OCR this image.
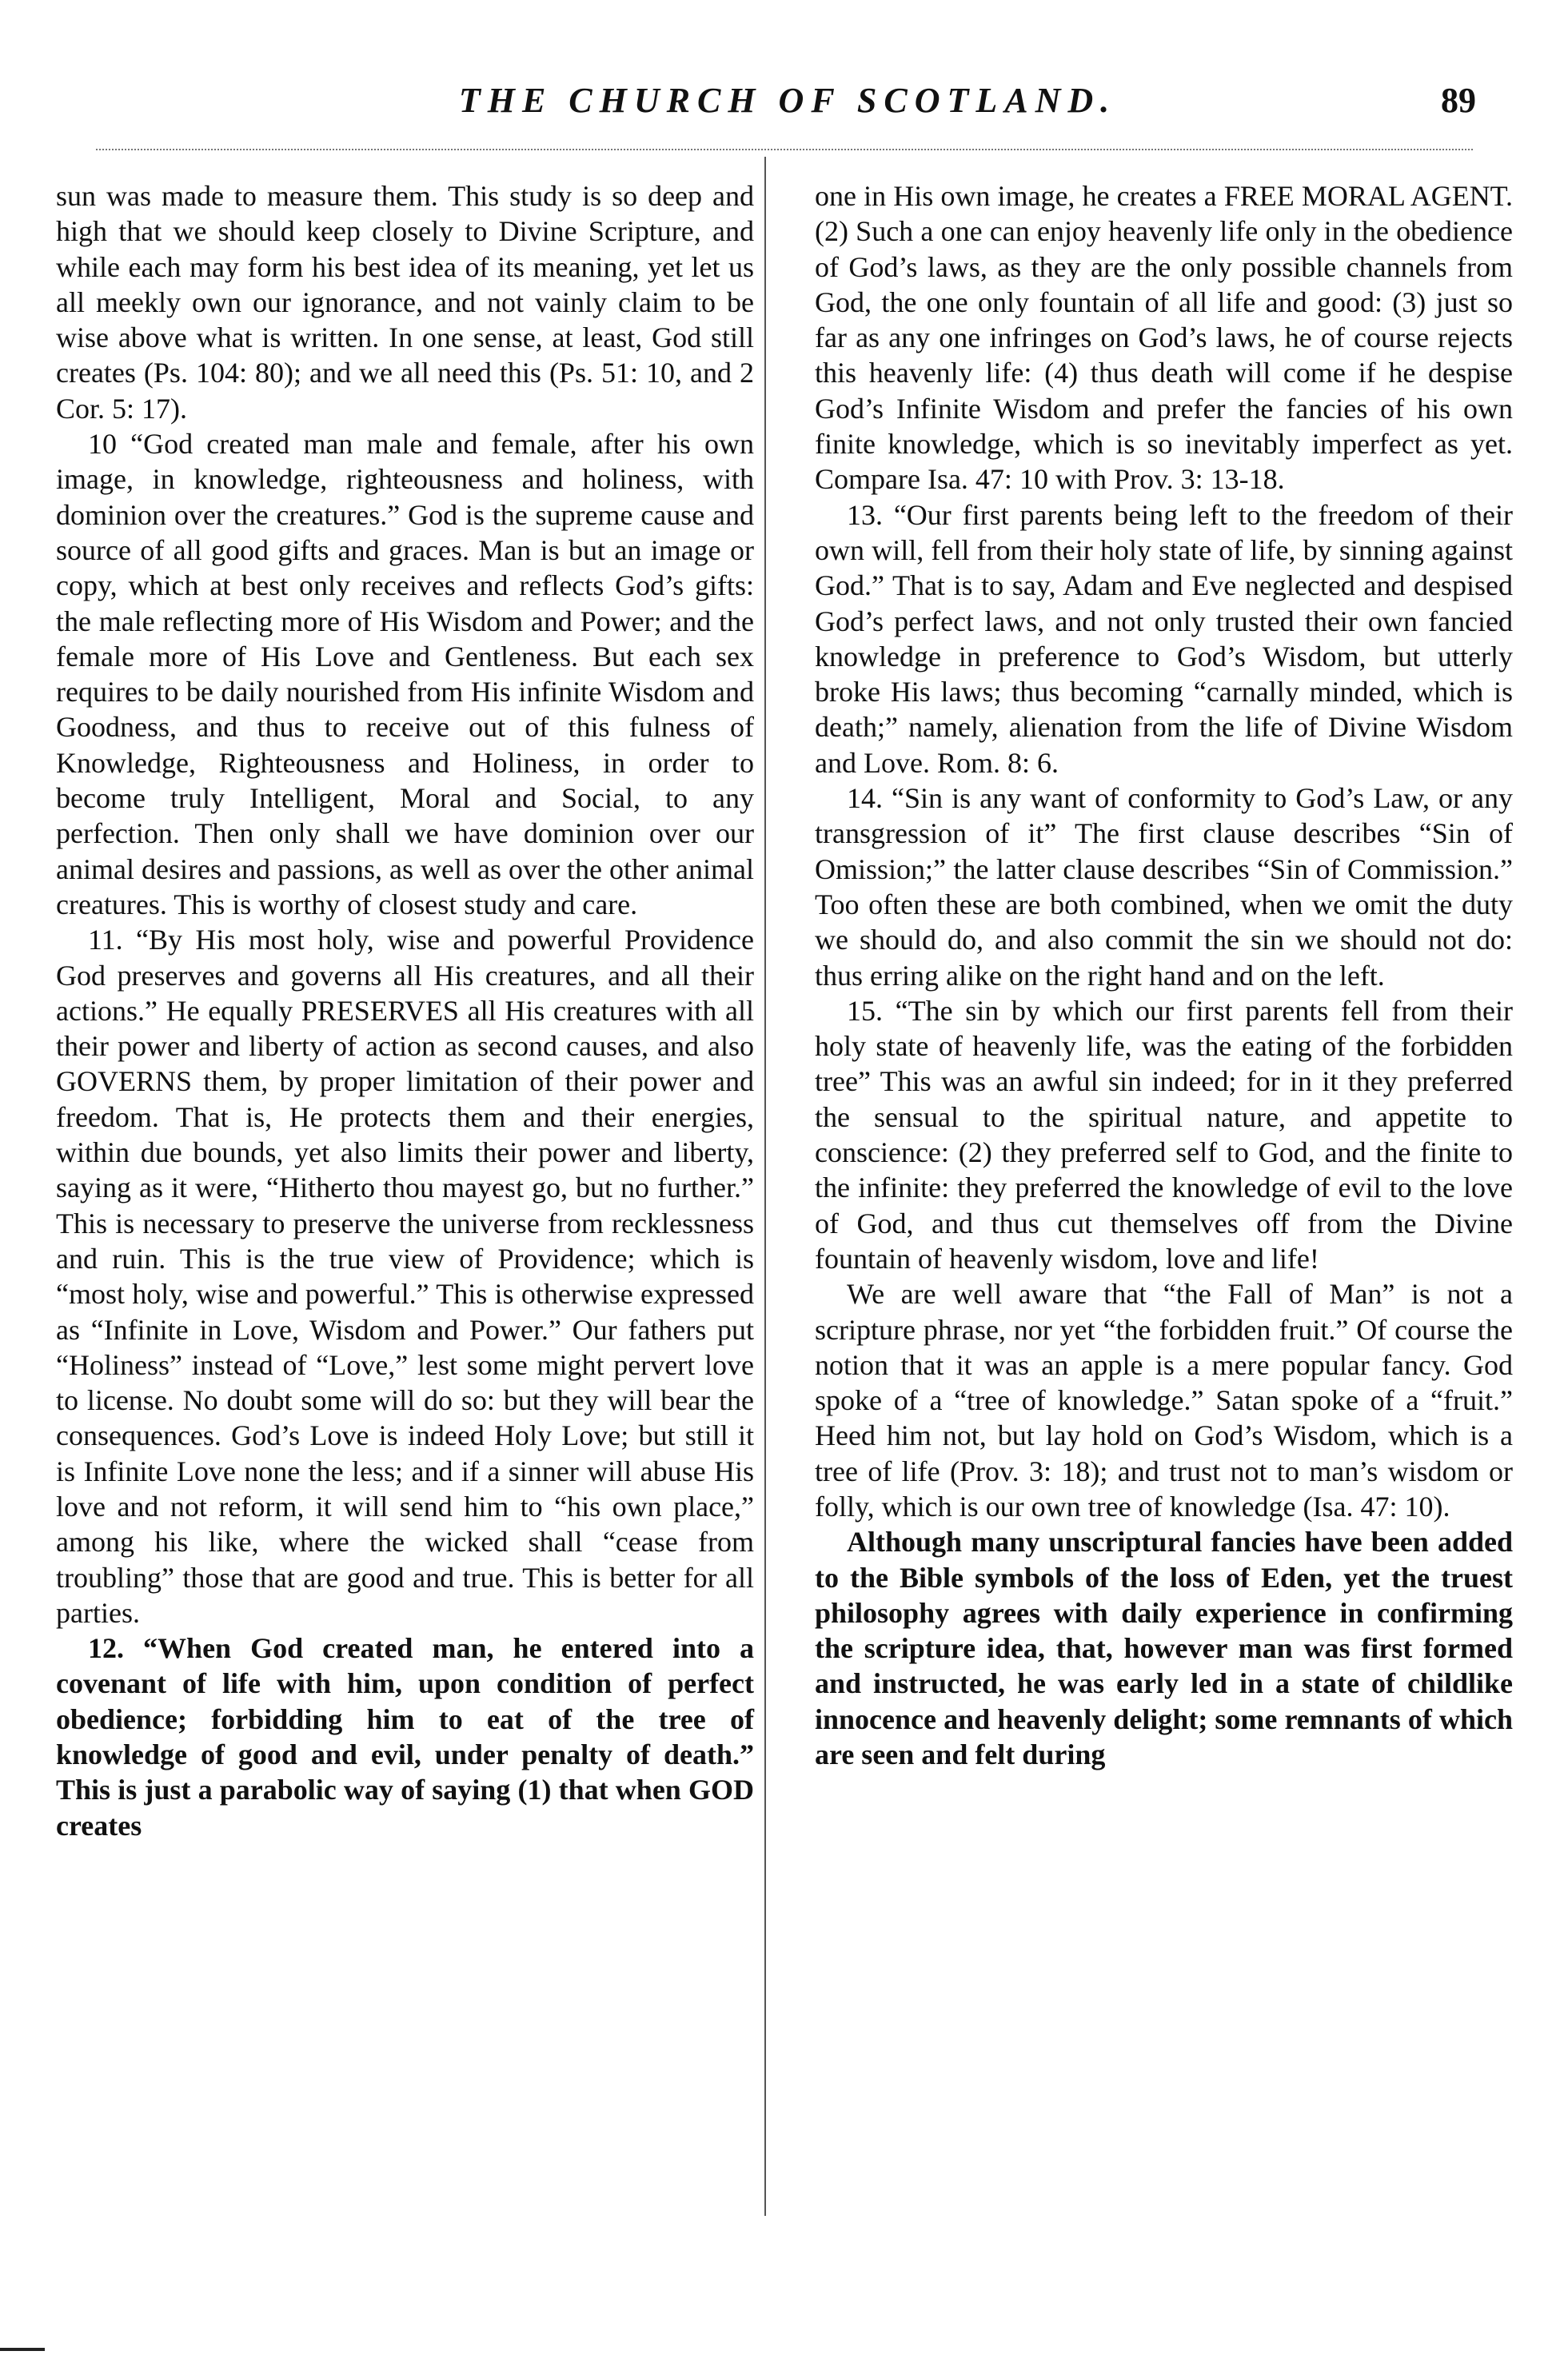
THE CHURCH OF SCOTLAND.	89

sun was made to measure them. This study is so deep and high that we should keep closely to Divine Scripture, and while each may form his best idea of its meaning, yet let us all meekly own our ignorance, and not vainly claim to be wise above what is written. In one sense, at least, God still creates (Ps. 104: 80); and we all need this (Ps. 51: 10, and 2 Cor. 5: 17).

10 “God created man male and female, after his own image, in knowledge, righteousness and holiness, with dominion over the creatures.” God is the supreme cause and source of all good gifts and graces. Man is but an image or copy, which at best only receives and reflects God’s gifts: the male reflecting more of His Wisdom and Power; and the female more of His Love and Gentleness. But each sex requires to be daily nourished from His infinite Wisdom and Goodness, and thus to receive out of this fulness of Knowledge, Righteousness and Holiness, in order to become truly Intelligent, Moral and Social, to any perfection. Then only shall we have dominion over our animal desires and passions, as well as over the other animal creatures. This is worthy of closest study and care.

11. “By His most holy, wise and powerful Providence God preserves and governs all His creatures, and all their actions.” He equally PRESERVES all His creatures with all their power and liberty of action as second causes, and also GOVERNS them, by proper limitation of their power and freedom. That is, He protects them and their energies, within due bounds, yet also limits their power and liberty, saying as it were, “Hitherto thou mayest go, but no further.” This is necessary to preserve the universe from recklessness and ruin. This is the true view of Providence; which is “most holy, wise and powerful.” This is otherwise expressed as “Infinite in Love, Wisdom and Power.” Our fathers put “Holiness” instead of “Love,” lest some might pervert love to license. No doubt some will do so: but they will bear the consequences. God’s Love is indeed Holy Love; but still it is Infinite Love none the less; and if a sinner will abuse His love and not reform, it will send him to “his own place,” among his like, where the wicked shall “cease from troubling” those that are good and true. This is better for all parties.

12. “When God created man, he entered into a covenant of life with him, upon condition of perfect obedience; forbidding him to eat of the tree of knowledge of good and evil, under penalty of death.” This is just a parabolic way of saying (1) that when GOD creates

one in His own image, he creates a FREE MORAL AGENT. (2) Such a one can enjoy heavenly life only in the obedience of God’s laws, as they are the only possible channels from God, the one only fountain of all life and good: (3) just so far as any one infringes on God’s laws, he of course rejects this heavenly life: (4) thus death will come if he despise God’s Infinite Wisdom and prefer the fancies of his own finite knowledge, which is so inevitably imperfect as yet. Compare Isa. 47: 10 with Prov. 3: 13-18.

13. “Our first parents being left to the freedom of their own will, fell from their holy state of life, by sinning against God.” That is to say, Adam and Eve neglected and despised God’s perfect laws, and not only trusted their own fancied knowledge in preference to God’s Wisdom, but utterly broke His laws; thus becoming “carnally minded, which is death;” namely, alienation from the life of Divine Wisdom and Love. Rom. 8: 6.

14. “Sin is any want of conformity to God’s Law, or any transgression of it” The first clause describes “Sin of Omission;” the latter clause describes “Sin of Commission.” Too often these are both combined, when we omit the duty we should do, and also commit the sin we should not do: thus erring alike on the right hand and on the left.

15. “The sin by which our first parents fell from their holy state of heavenly life, was the eating of the forbidden tree” This was an awful sin indeed; for in it they preferred the sensual to the spiritual nature, and appetite to conscience: (2) they preferred self to God, and the finite to the infinite: they preferred the knowledge of evil to the love of God, and thus cut themselves off from the Divine fountain of heavenly wisdom, love and life!

We are well aware that “the Fall of Man” is not a scripture phrase, nor yet “the forbidden fruit.” Of course the notion that it was an apple is a mere popular fancy. God spoke of a “tree of knowledge.” Satan spoke of a “fruit.” Heed him not, but lay hold on God’s Wisdom, which is a tree of life (Prov. 3: 18); and trust not to man’s wisdom or folly, which is our own tree of knowledge (Isa. 47: 10).

Although many unscriptural fancies have been added to the Bible symbols of the loss of Eden, yet the truest philosophy agrees with daily experience in confirming the scripture idea, that, however man was first formed and instructed, he was early led in a state of childlike innocence and heavenly delight; some remnants of which are seen and felt during
